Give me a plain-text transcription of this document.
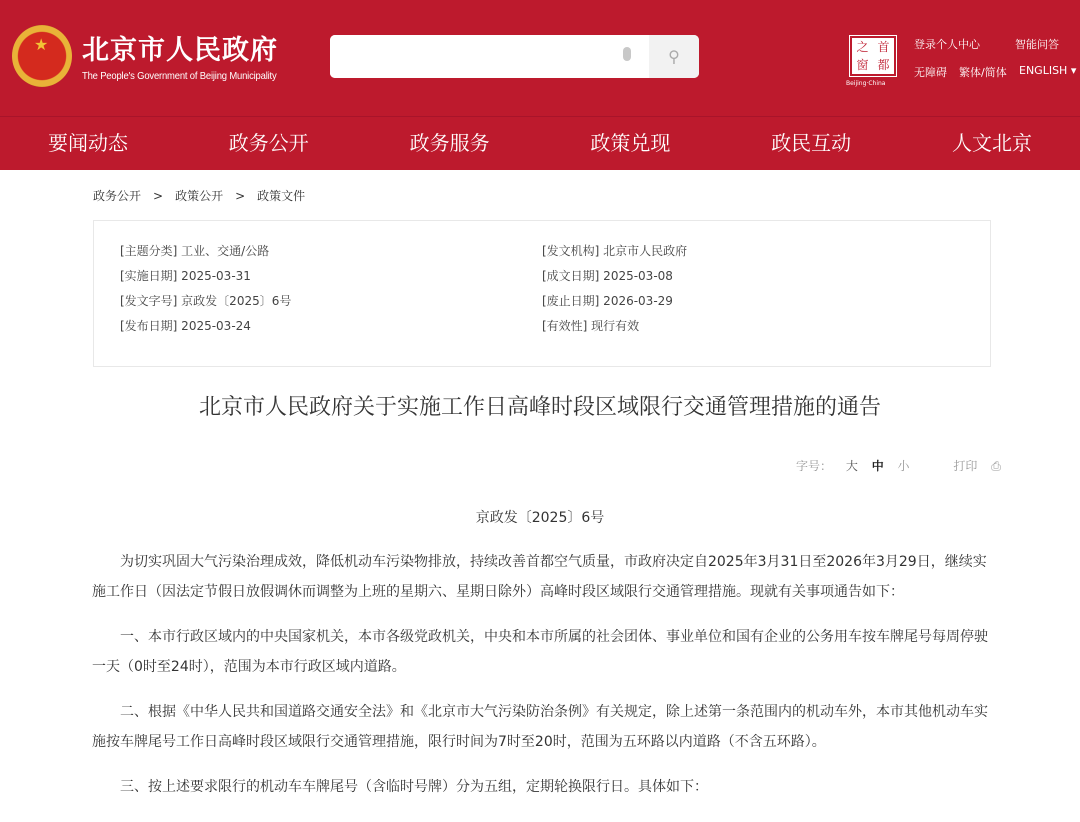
★
北京市人民政府
The People's Government of Beijing Municipality
⚲	之 首
窗 都
Beijing·China
登录个人中心	智能问答
无障碍 繁体/简体 ENGLISH ▾
要闻动态	政务公开	政务服务	政策兑现	政民互动	人文北京
政务公开 > 政策公开 > 政策文件
[主题分类] 工业、交通/公路	[发文机构] 北京市人民政府
[实施日期] 2025-03-31	[成文日期] 2025-03-08
[发文字号] 京政发〔2025〕6号	[废止日期] 2026-03-29
[发布日期] 2025-03-24	[有效性] 现行有效
北京市人民政府关于实施工作日高峰时段区域限行交通管理措施的通告
字号： 大 中 小	打印 ⎙
京政发〔2025〕6号

为切实巩固大气污染治理成效，降低机动车污染物排放，持续改善首都空气质量，市政府决定自2025年3月31日至2026年3月29日，继续实施工作日（因法定节假日放假调休而调整为上班的星期六、星期日除外）高峰时段区域限行交通管理措施。现就有关事项通告如下：

一、本市行政区域内的中央国家机关，本市各级党政机关，中央和本市所属的社会团体、事业单位和国有企业的公务用车按车牌尾号每周停驶一天（0时至24时），范围为本市行政区域内道路。

二、根据《中华人民共和国道路交通安全法》和《北京市大气污染防治条例》有关规定，除上述第一条范围内的机动车外，本市其他机动车实施按车牌尾号工作日高峰时段区域限行交通管理措施，限行时间为7时至20时，范围为五环路以内道路（不含五环路）。

三、按上述要求限行的机动车车牌尾号（含临时号牌）分为五组，定期轮换限行日。具体如下：
